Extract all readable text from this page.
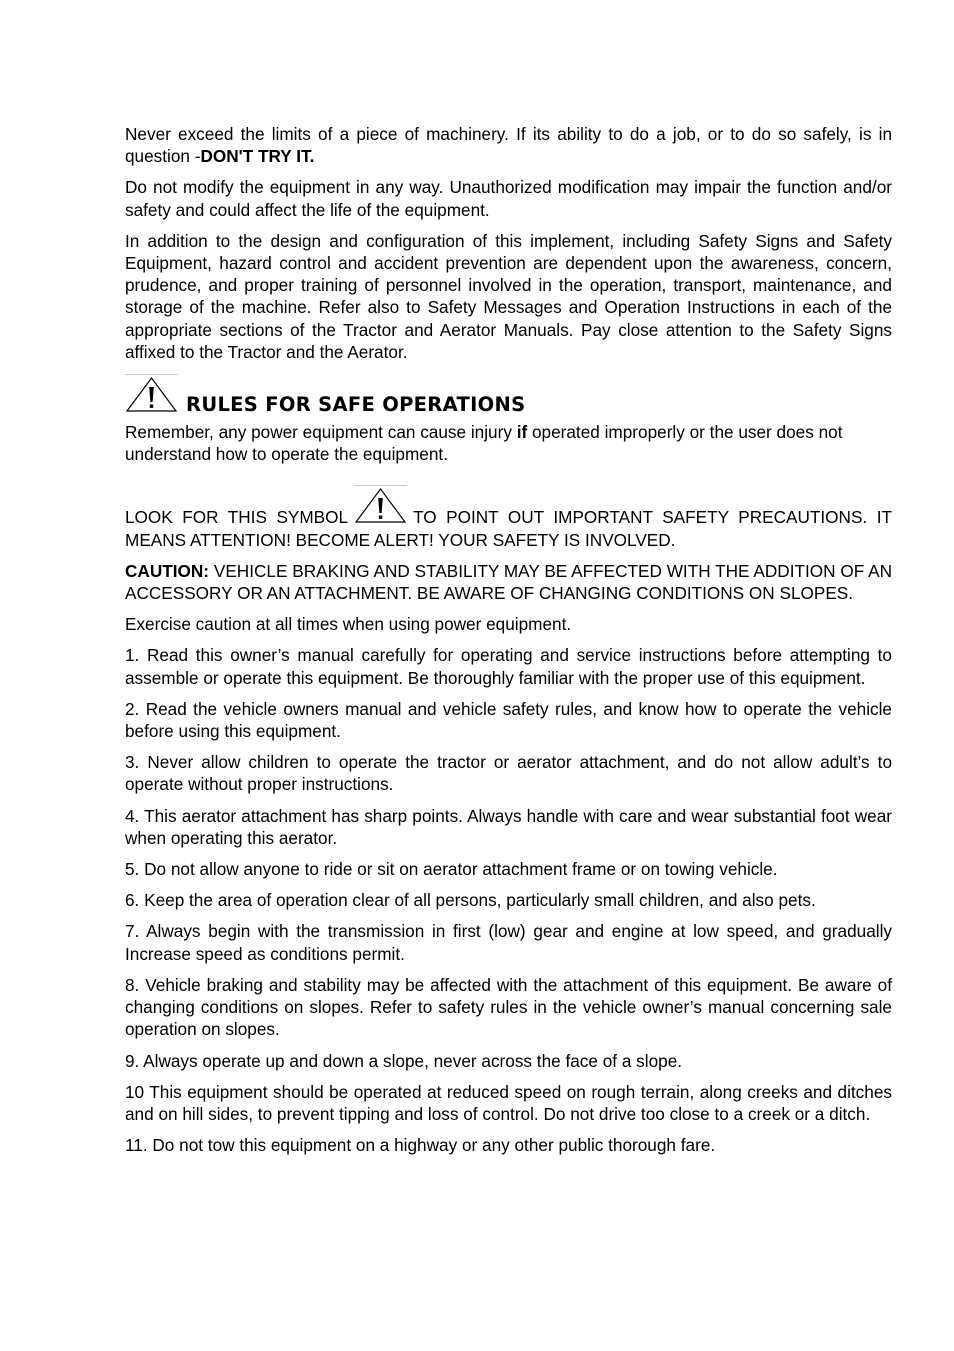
Never exceed the limits of a piece of machinery. If its ability to do a job, or to do so safely, is in question -DON'T TRY IT.

Do not modify the equipment in any way. Unauthorized modification may impair the function and/or safety and could affect the life of the equipment.

In addition to the design and configuration of this implement, including Safety Signs and Safety Equipment, hazard control and accident prevention are dependent upon the awareness, concern, prudence, and proper training of personnel involved in the operation, transport, maintenance, and storage of the machine. Refer also to Safety Messages and Operation Instructions in each of the appropriate sections of the Tractor and Aerator Manuals. Pay close attention to the Safety Signs affixed to the Tractor and the Aerator.

RULES FOR SAFE OPERATIONS

Remember, any power equipment can cause injury if operated improperly or the user does not understand how to operate the equipment.

LOOK FOR THIS SYMBOL	TO POINT OUT IMPORTANT SAFETY PRECAUTIONS. IT MEANS ATTENTION! BECOME ALERT! YOUR SAFETY IS INVOLVED.

CAUTION: VEHICLE BRAKING AND STABILITY MAY BE AFFECTED WITH THE ADDITION OF AN ACCESSORY OR AN ATTACHMENT. BE AWARE OF CHANGING CONDITIONS ON SLOPES.

Exercise caution at all times when using power equipment.

1. Read this owner’s manual carefully for operating and service instructions before attempting to assemble or operate this equipment. Be thoroughly familiar with the proper use of this equipment.

2. Read the vehicle owners manual and vehicle safety rules, and know how to operate the vehicle before using this equipment.

3. Never allow children to operate the tractor or aerator attachment, and do not allow adult’s to operate without proper instructions.

4. This aerator attachment has sharp points. Always handle with care and wear substantial foot wear when operating this aerator.

5. Do not allow anyone to ride or sit on aerator attachment frame or on towing vehicle.

6. Keep the area of operation clear of all persons, particularly small children, and also pets.

7. Always begin with the transmission in first (low) gear and engine at low speed, and gradually Increase speed as conditions permit.

8. Vehicle braking and stability may be affected with the attachment of this equipment. Be aware of changing conditions on slopes. Refer to safety rules in the vehicle owner’s manual concerning sale operation on slopes.

9. Always operate up and down a slope, never across the face of a slope.

10 This equipment should be operated at reduced speed on rough terrain, along creeks and ditches and on hill sides, to prevent tipping and loss of control. Do not drive too close to a creek or a ditch.

11. Do not tow this equipment on a highway or any other public thorough fare.
